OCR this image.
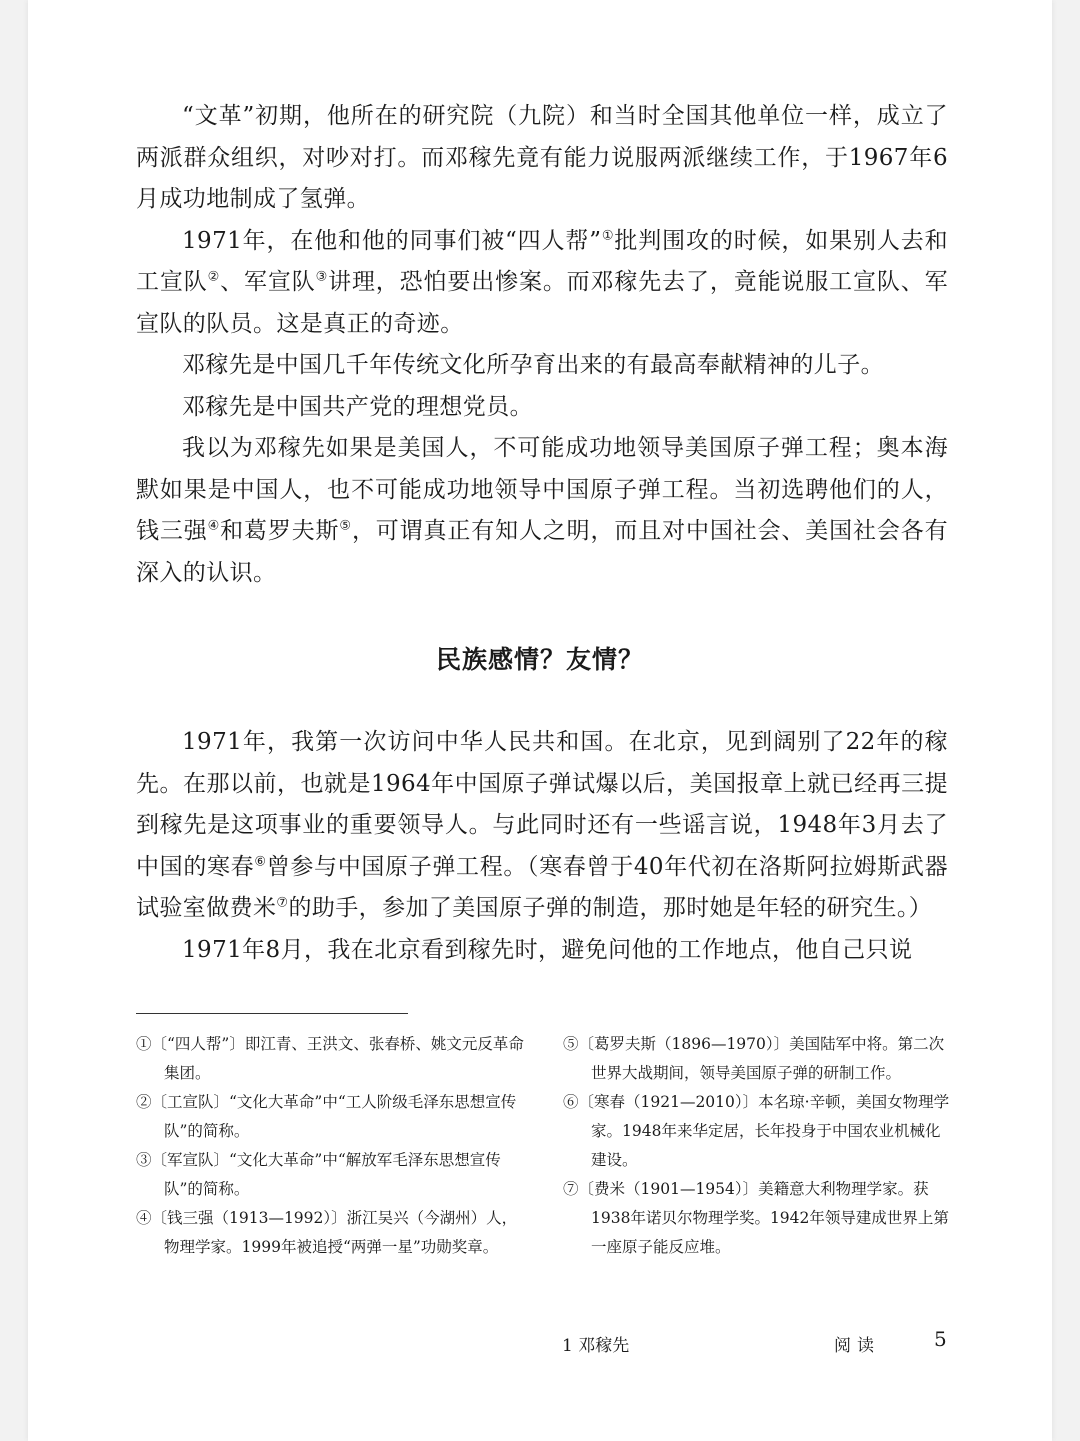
“文革”初期，他所在的研究院（九院）和当时全国其他单位一样，成立了两派群众组织，对吵对打。而邓稼先竟有能力说服两派继续工作，于1967年6月成功地制成了氢弹。

1971年，在他和他的同事们被“四人帮”①批判围攻的时候，如果别人去和工宣队②、军宣队③讲理，恐怕要出惨案。而邓稼先去了，竟能说服工宣队、军宣队的队员。这是真正的奇迹。

邓稼先是中国几千年传统文化所孕育出来的有最高奉献精神的儿子。

邓稼先是中国共产党的理想党员。

我以为邓稼先如果是美国人，不可能成功地领导美国原子弹工程；奥本海默如果是中国人，也不可能成功地领导中国原子弹工程。当初选聘他们的人，钱三强④和葛罗夫斯⑤，可谓真正有知人之明，而且对中国社会、美国社会各有深入的认识。

民族感情？友情？

1971年，我第一次访问中华人民共和国。在北京，见到阔别了22年的稼先。在那以前，也就是1964年中国原子弹试爆以后，美国报章上就已经再三提到稼先是这项事业的重要领导人。与此同时还有一些谣言说，1948年3月去了中国的寒春⑥曾参与中国原子弹工程。（寒春曾于40年代初在洛斯阿拉姆斯武器试验室做费米⑦的助手，参加了美国原子弹的制造，那时她是年轻的研究生。）

1971年8月，我在北京看到稼先时，避免问他的工作地点，他自己只说

①〔“四人帮”〕即江青、王洪文、张春桥、姚文元反革命集团。

②〔工宣队〕“文化大革命”中“工人阶级毛泽东思想宣传队”的简称。

③〔军宣队〕“文化大革命”中“解放军毛泽东思想宣传队”的简称。

④〔钱三强（1913—1992）〕浙江吴兴（今湖州）人，物理学家。1999年被追授“两弹一星”功勋奖章。

⑤〔葛罗夫斯（1896—1970）〕美国陆军中将。第二次世界大战期间，领导美国原子弹的研制工作。

⑥〔寒春（1921—2010）〕本名琼·辛顿，美国女物理学家。1948年来华定居，长年投身于中国农业机械化建设。

⑦〔费米（1901—1954）〕美籍意大利物理学家。获1938年诺贝尔物理学奖。1942年领导建成世界上第一座原子能反应堆。

1 邓稼先	阅读	5
